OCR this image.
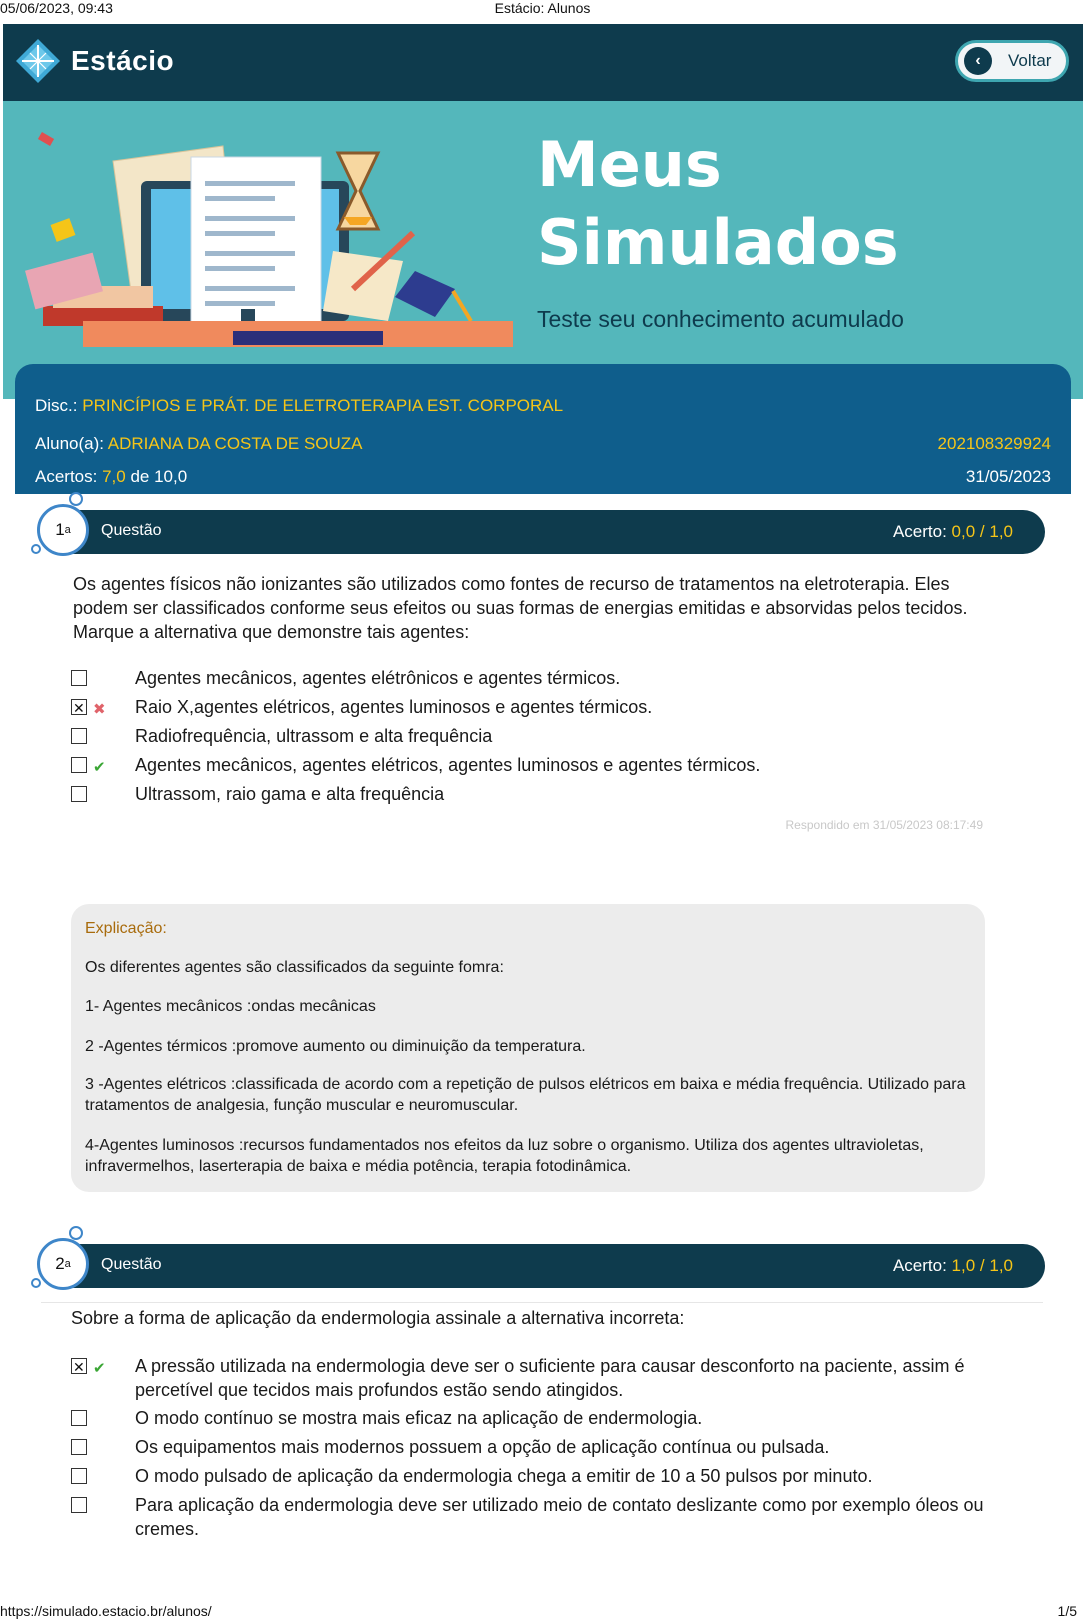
05/06/2023, 09:43	Estácio: Alunos
Estácio	‹	Voltar
Meus
Simulados
Teste seu conhecimento acumulado
Disc.: PRINCÍPIOS E PRÁT. DE ELETROTERAPIA EST. CORPORAL
Aluno(a): ADRIANA DA COSTA DE SOUZA	202108329924
Acertos: 7,0 de 10,0	31/05/2023
Questão	Acerto: 0,0 / 1,0
1 a
Os agentes físicos não ionizantes são utilizados como fontes de recurso de tratamentos na eletroterapia. Eles podem ser classificados conforme seus efeitos ou suas formas de energias emitidas e absorvidas pelos tecidos. Marque a alternativa que demonstre tais agentes:
Agentes mecânicos, agentes elétrônicos e agentes térmicos.
✕
✖ Raio X,agentes elétricos, agentes luminosos e agentes térmicos.
Radiofrequência, ultrassom e alta frequência
✔ Agentes mecânicos, agentes elétricos, agentes luminosos e agentes térmicos.
Ultrassom, raio gama e alta frequência
Respondido em 31/05/2023 08:17:49
Explicação:
Os diferentes agentes são classificados da seguinte fomra:
1- Agentes mecânicos :ondas mecânicas
2 -Agentes térmicos :promove aumento ou diminuição da temperatura.
3 -Agentes elétricos :classificada de acordo com a repetição de pulsos elétricos em baixa e média frequência. Utilizado para tratamentos de analgesia, função muscular e neuromuscular.
4-Agentes luminosos :recursos fundamentados nos efeitos da luz sobre o organismo. Utiliza dos agentes ultravioletas, infravermelhos, laserterapia de baixa e média potência, terapia fotodinâmica.
Questão	Acerto: 1,0 / 1,0
2 a
Sobre a forma de aplicação da endermologia assinale a alternativa incorreta:
✕
✔ A pressão utilizada na endermologia deve ser o suficiente para causar desconforto na paciente, assim é percetível que tecidos mais profundos estão sendo atingidos.
O modo contínuo se mostra mais eficaz na aplicação de endermologia.
Os equipamentos mais modernos possuem a opção de aplicação contínua ou pulsada.
O modo pulsado de aplicação da endermologia chega a emitir de 10 a 50 pulsos por minuto.
Para aplicação da endermologia deve ser utilizado meio de contato deslizante como por exemplo óleos ou cremes.
https://simulado.estacio.br/alunos/	1/5
